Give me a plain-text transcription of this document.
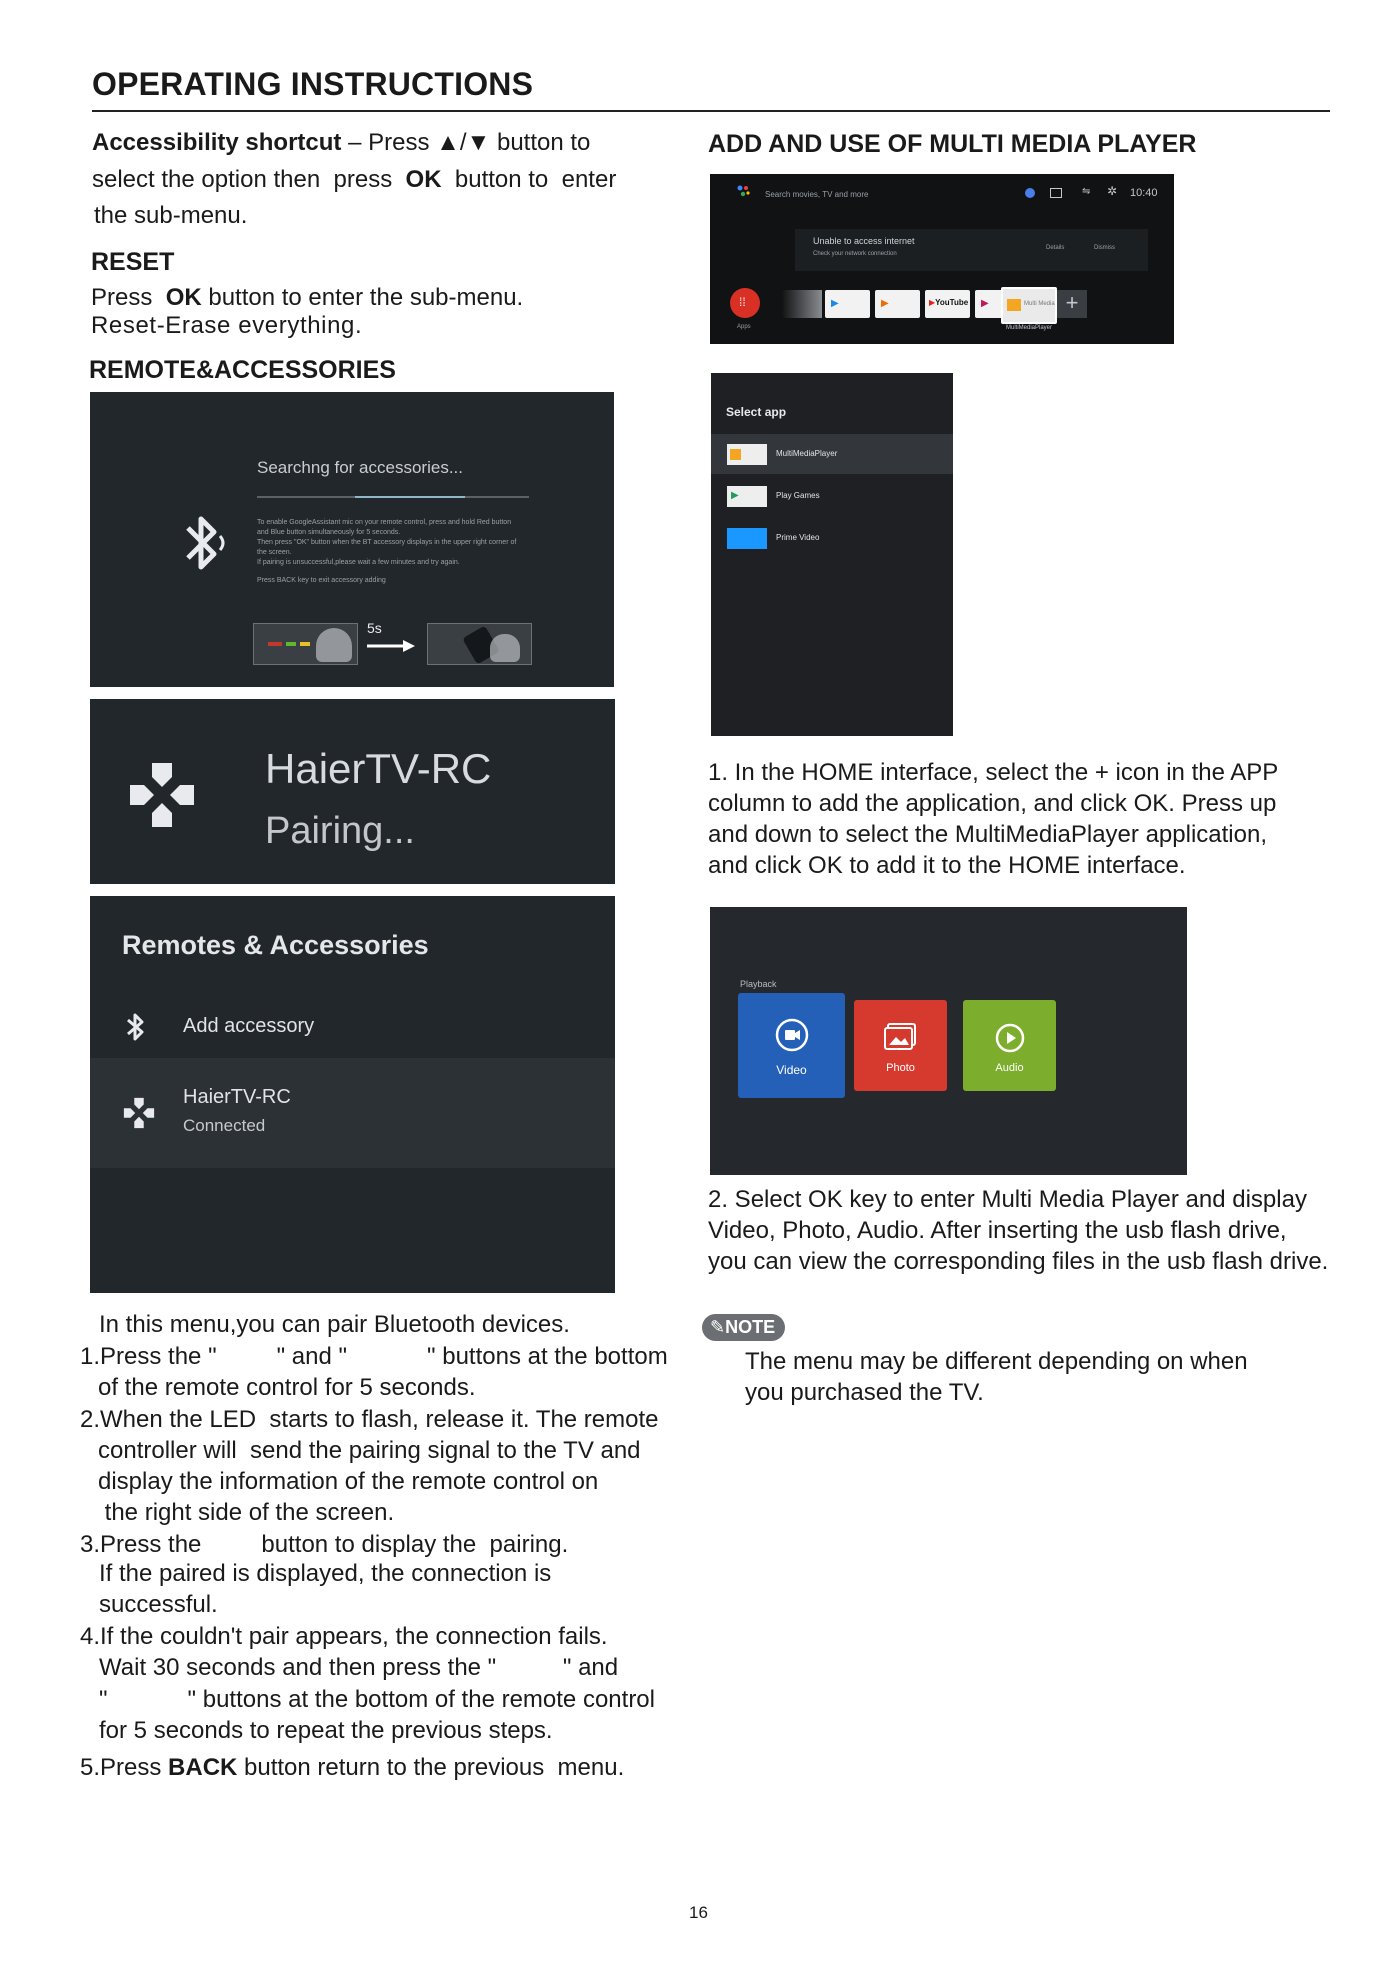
OPERATING INSTRUCTIONS
Accessibility shortcut – Press ▲/▼ button to
select the option then  press  OK  button to  enter
the sub-menu.
RESET
Press  OK button to enter the sub-menu.
Reset-Erase everything.
REMOTE&ACCESSORIES
Searchng for accessories...
To enable GoogleAssistant mic on your remote control, press and hold Red button
and Blue button simultaneously for 5 seconds.
Then press "OK" button when the BT accessory displays in the upper right corner of
the screen.
If pairing is unsuccessful,please wait a few minutes and try again.
Press BACK key to exit accessory adding
5s
HaierTV-RC
Pairing...
Remotes & Accessories
Add accessory
HaierTV-RC
Connected
In this menu,you can pair Bluetooth devices.
1.Press the "         " and "            " buttons at the bottom
of the remote control for 5 seconds.
2.When the LED  starts to flash, release it. The remote
controller will  send the pairing signal to the TV and
display the information of the remote control on
the right side of the screen.
3.Press the         button to display the  pairing.
If the paired is displayed, the connection is
successful.
4.If the couldn't pair appears, the connection fails.
Wait 30 seconds and then press the "          " and
"            " buttons at the bottom of the remote control
for 5 seconds to repeat the previous steps.
5.Press BACK button return to the previous  menu.
ADD AND USE OF MULTI MEDIA PLAYER
Search movies, TV and more	⇋ ✲ 10:40
Unable to access internet
Check your network connection
Details	Dismiss
⁞⁞
Apps
▶	▶	▶YouTube ▶	Multi Media +
MultiMediaPlayer
Select app
MultiMediaPlayer
▶	Play Games
Prime Video
1. In the HOME interface, select the + icon in the APP
column to add the application, and click OK. Press up
and down to select the MultiMediaPlayer application,
and click OK to add it to the HOME interface.
Playback
Video	Photo	Audio
2. Select OK key to enter Multi Media Player and display
Video, Photo, Audio. After inserting the usb flash drive,
you can view the corresponding files in the usb flash drive.
✎NOTE
The menu may be different depending on when
you purchased the TV.
16
